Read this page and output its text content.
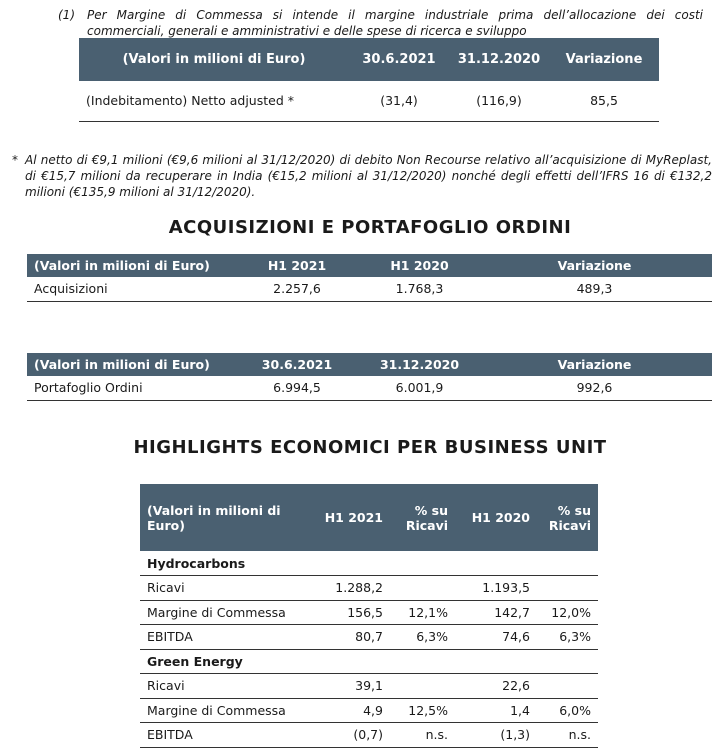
(1) Per Margine di Commessa si intende il margine industriale prima dell’allocazione dei costi commerciali, generali e amministrativi e delle spese di ricerca e sviluppo
(Valori in milioni di Euro)	30.6.2021	31.12.2020	Variazione
(Indebitamento) Netto adjusted *	(31,4)	(116,9)	85,5
* Al netto di €9,1 milioni (€9,6 milioni al 31/12/2020) di debito Non Recourse relativo all’acquisizione di MyReplast, di €15,7 milioni da recuperare in India (€15,2 milioni al 31/12/2020) nonché degli effetti dell’IFRS 16 di €132,2 milioni (€135,9 milioni al 31/12/2020).
ACQUISIZIONI E PORTAFOGLIO ORDINI
(Valori in milioni di Euro)	H1 2021	H1 2020	Variazione
Acquisizioni	2.257,6	1.768,3	489,3
(Valori in milioni di Euro)	30.6.2021	31.12.2020	Variazione
Portafoglio Ordini	6.994,5	6.001,9	992,6
HIGHLIGHTS ECONOMICI PER BUSINESS UNIT
(Valori in milioni di Euro)	H1 2021	% su Ricavi	H1 2020	% su Ricavi
Hydrocarbons				
Ricavi	1.288,2		1.193,5	
Margine di Commessa	156,5	12,1%	142,7	12,0%
EBITDA	80,7	6,3%	74,6	6,3%
Green Energy				
Ricavi	39,1		22,6	
Margine di Commessa	4,9	12,5%	1,4	6,0%
EBITDA	(0,7)	n.s.	(1,3)	n.s.
